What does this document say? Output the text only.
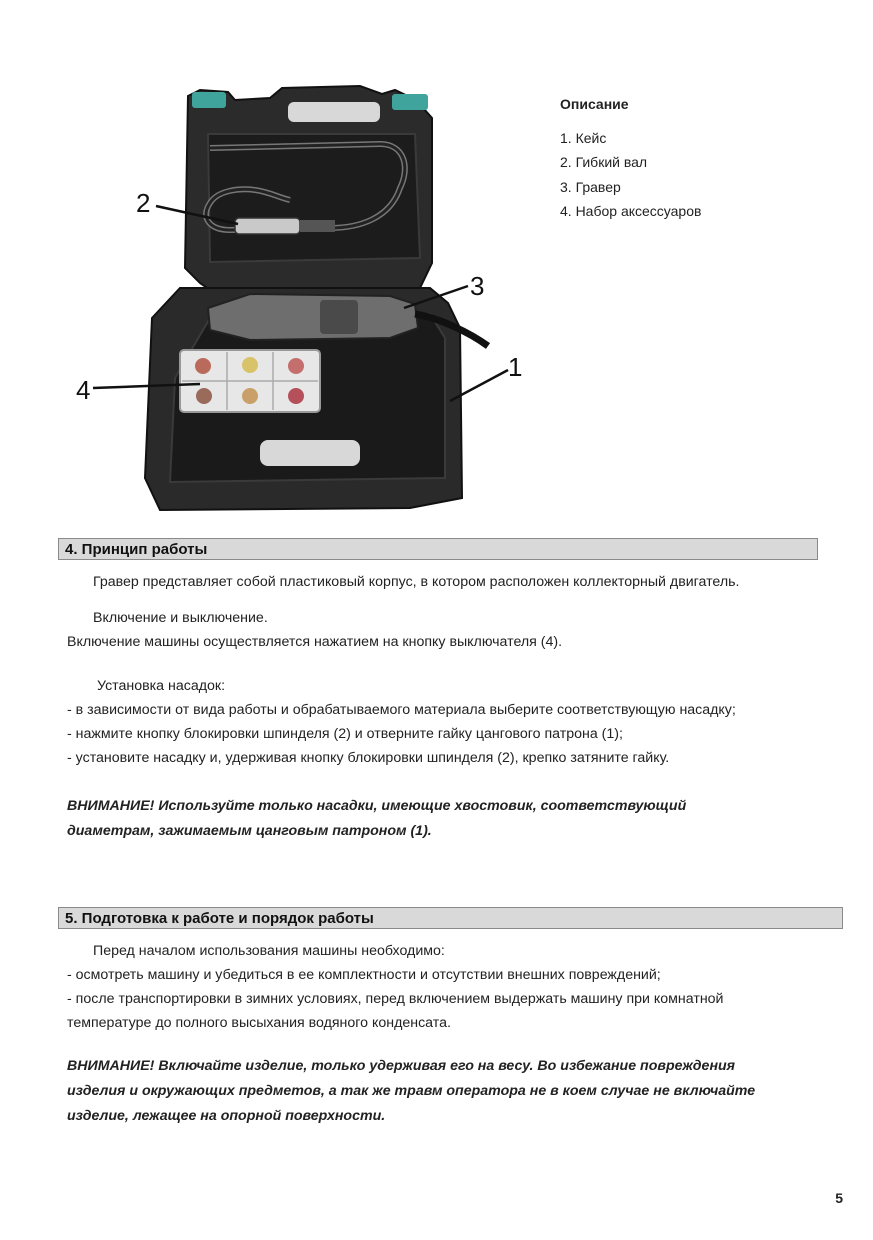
1
2
3
4
Описание
1. Кейс
2. Гибкий вал
3. Гравер
4. Набор аксессуаров
4. Принцип работы
Гравер представляет собой пластиковый корпус, в котором расположен коллекторный двигатель.
Включение и выключение.
Включение машины осуществляется нажатием на кнопку выключателя (4).
Установка насадок:
- в зависимости от вида работы и обрабатываемого материала выберите соответствующую насадку;
- нажмите кнопку блокировки шпинделя (2) и отверните гайку цангового патрона (1);
- установите насадку и, удерживая кнопку блокировки шпинделя (2), крепко затяните гайку.
ВНИМАНИЕ! Используйте только насадки, имеющие хвостовик, соответствующий
диаметрам, зажимаемым цанговым патроном (1).
5. Подготовка к работе и порядок работы
Перед началом использования машины необходимо:
- осмотреть машину и убедиться в ее комплектности и отсутствии внешних повреждений;
- после транспортировки в зимних условиях, перед включением выдержать машину при комнатной
температуре до полного высыхания водяного конденсата.
ВНИМАНИЕ! Включайте изделие, только удерживая его на весу. Во избежание повреждения
изделия и окружающих предметов, а так же травм оператора не в коем случае не включайте
изделие, лежащее на опорной поверхности.
5
